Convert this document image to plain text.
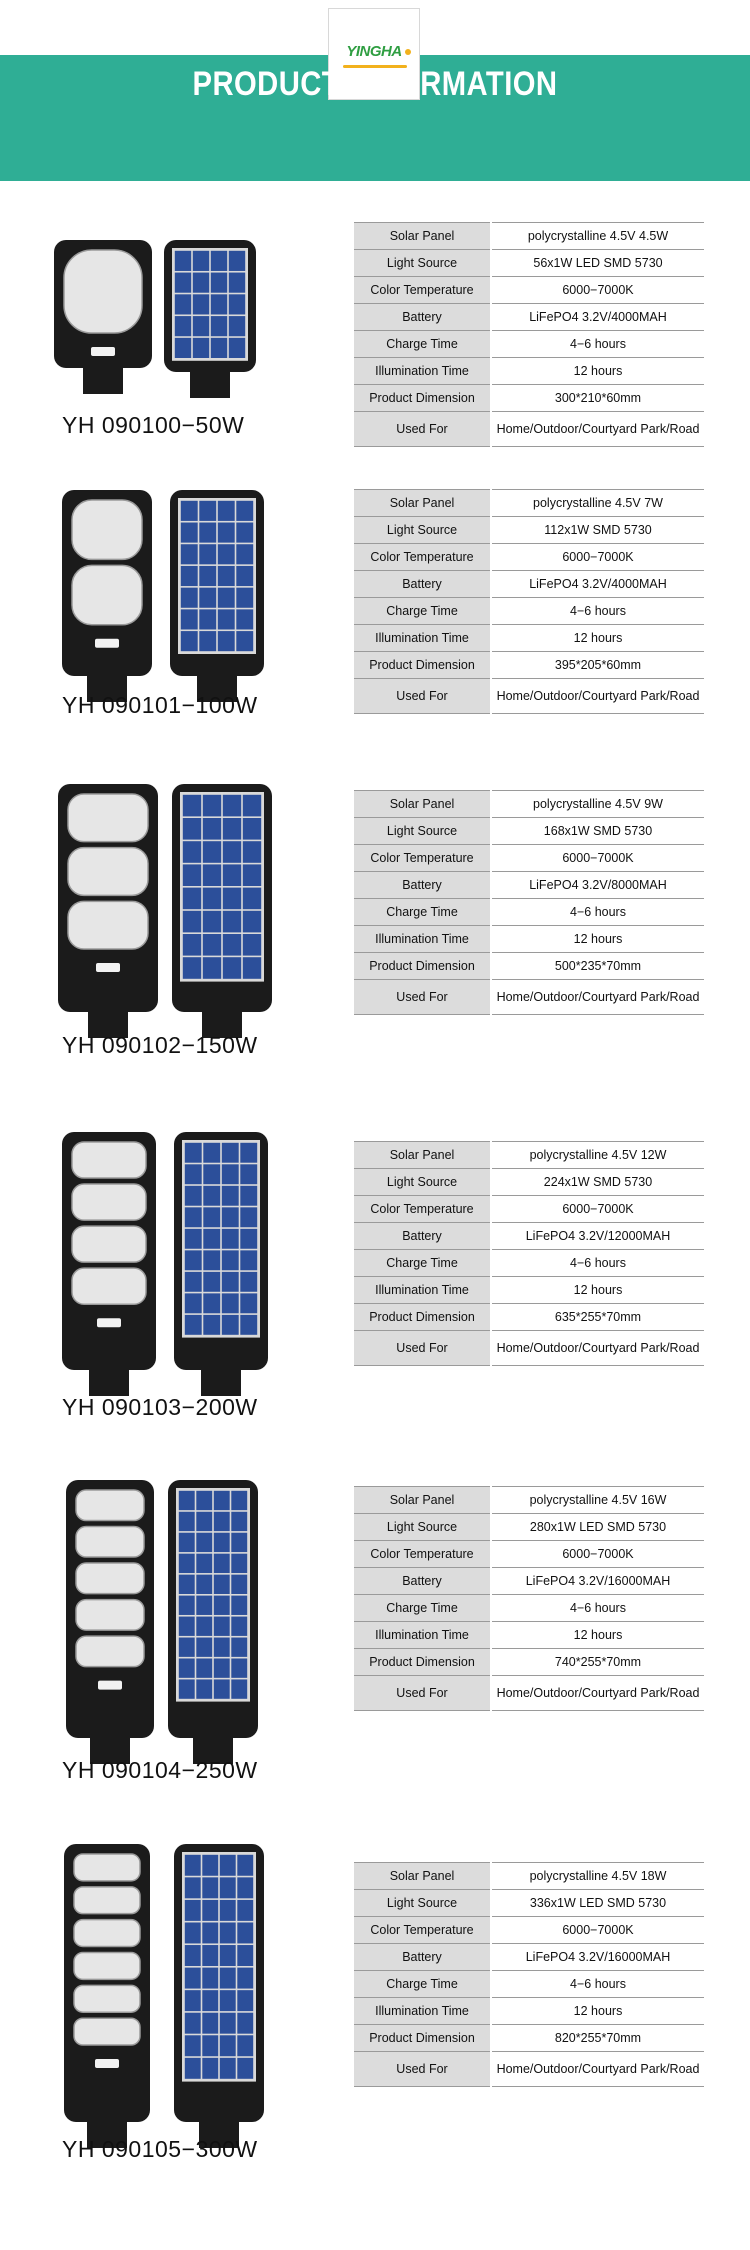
YINGHA
PRODUCT INFORMATION
YH 090100−50W
Solar Panel	polycrystalline 4.5V 4.5W
Light Source	56x1W LED SMD 5730
Color Temperature	6000−7000K
Battery	LiFePO4 3.2V/4000MAH
Charge Time	4−6 hours
Illumination Time	12 hours
Product Dimension	300*210*60mm
Used For	Home/Outdoor/Courtyard Park/Road
YH 090101−100W
Solar Panel	polycrystalline 4.5V 7W
Light Source	112x1W SMD 5730
Color Temperature	6000−7000K
Battery	LiFePO4 3.2V/4000MAH
Charge Time	4−6 hours
Illumination Time	12 hours
Product Dimension	395*205*60mm
Used For	Home/Outdoor/Courtyard Park/Road
YH 090102−150W
Solar Panel	polycrystalline 4.5V 9W
Light Source	168x1W SMD 5730
Color Temperature	6000−7000K
Battery	LiFePO4 3.2V/8000MAH
Charge Time	4−6 hours
Illumination Time	12 hours
Product Dimension	500*235*70mm
Used For	Home/Outdoor/Courtyard Park/Road
YH 090103−200W
Solar Panel	polycrystalline 4.5V 12W
Light Source	224x1W SMD 5730
Color Temperature	6000−7000K
Battery	LiFePO4 3.2V/12000MAH
Charge Time	4−6 hours
Illumination Time	12 hours
Product Dimension	635*255*70mm
Used For	Home/Outdoor/Courtyard Park/Road
YH 090104−250W
Solar Panel	polycrystalline 4.5V 16W
Light Source	280x1W LED SMD 5730
Color Temperature	6000−7000K
Battery	LiFePO4 3.2V/16000MAH
Charge Time	4−6 hours
Illumination Time	12 hours
Product Dimension	740*255*70mm
Used For	Home/Outdoor/Courtyard Park/Road
YH 090105−300W
Solar Panel	polycrystalline 4.5V 18W
Light Source	336x1W LED SMD 5730
Color Temperature	6000−7000K
Battery	LiFePO4 3.2V/16000MAH
Charge Time	4−6 hours
Illumination Time	12 hours
Product Dimension	820*255*70mm
Used For	Home/Outdoor/Courtyard Park/Road
